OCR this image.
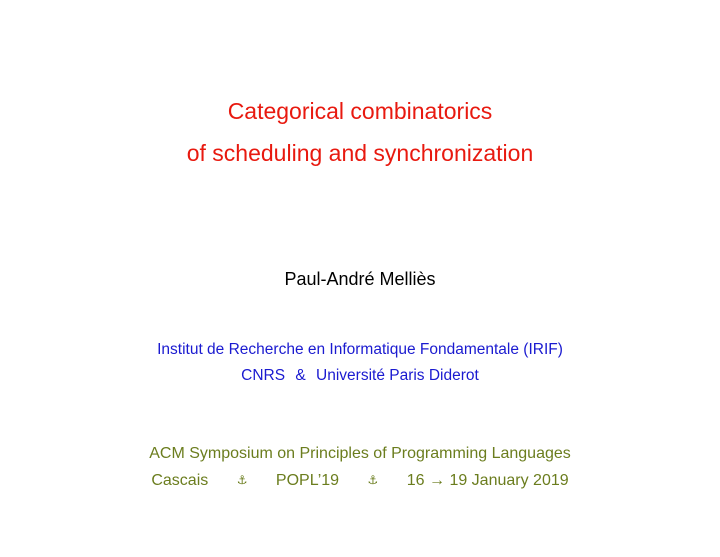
Categorical combinatorics
of scheduling and synchronization
Paul-André Melliès
Institut de Recherche en Informatique Fondamentale (IRIF)
CNRS & Université Paris Diderot
ACM Symposium on Principles of Programming Languages
Cascais ⚓ POPL’19 ⚓ 16 → 19 January 2019
